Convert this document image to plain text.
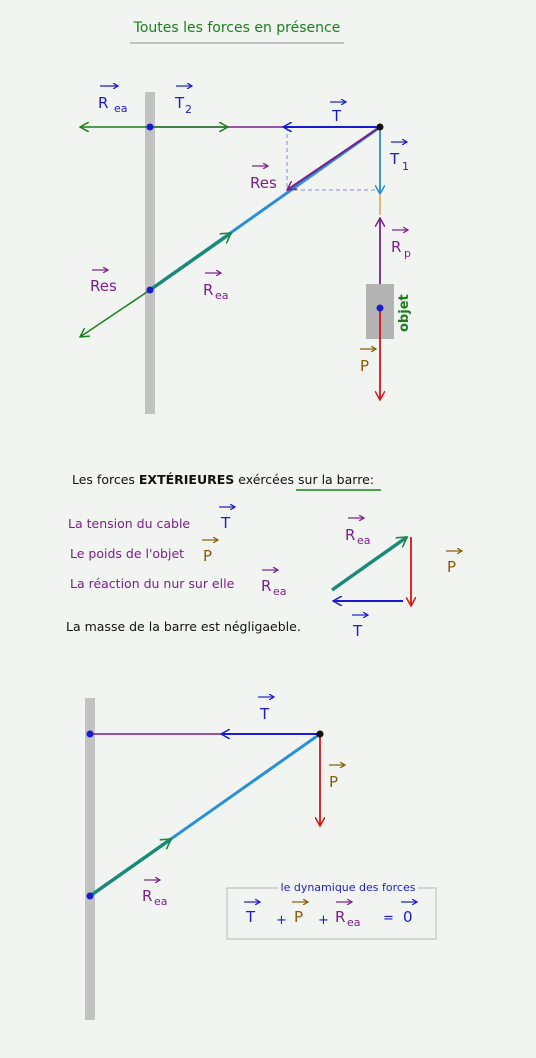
Toutes les forces en présence
objet
R ea	T 2	T
T 1
Res
R p
Res	R ea
P
Les forces EXTÉRIEURES exércées sur la barre:
La tension du cable T
Le poids de l'objet P
La réaction du nur sur elle R ea
La masse de la barre est négligaeble.
R ea
P
T
T
P
R ea
le dynamique des forces
T + P + R ea = 0
